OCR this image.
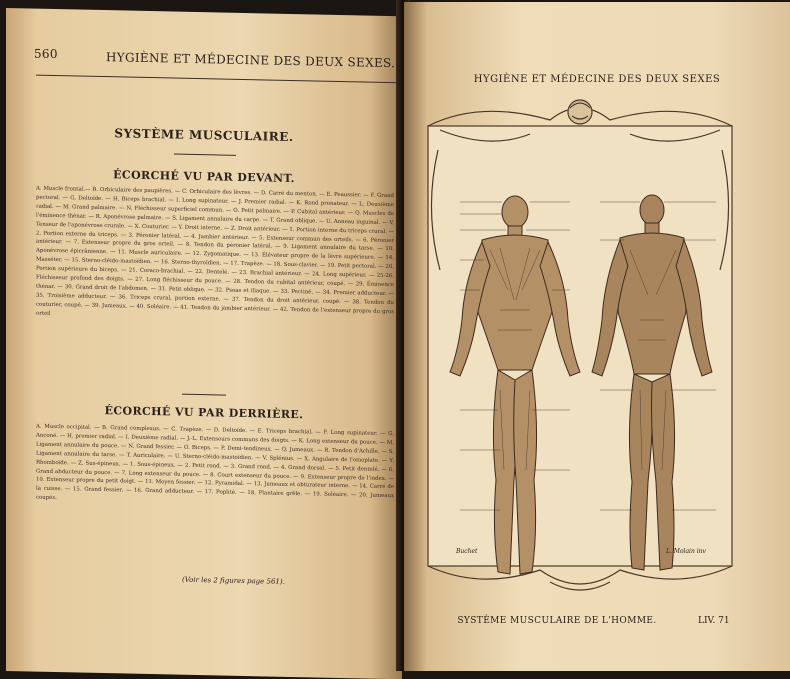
560	HYGIÈNE ET MÉDECINE DES DEUX SEXES.
SYSTÈME MUSCULAIRE.
ÉCORCHÉ VU PAR DEVANT.
A. Muscle frontal.— B. Orbiculaire des paupières. — C. Orbiculaire des lèvres. — D. Carré du menton. — E. Peaussier. — F. Grand pectoral. — G. Deltoïde. — H. Biceps brachial. — I. Long supinateur. — J. Premier radial. — K. Rond pronateur. — L. Deuxième radial. — M. Grand palmaire. — N. Fléchisseur superficiel commun. — O. Petit palmaire. — P. Cubital antérieur. — Q. Muscles de l'éminence thénar. — R. Aponévrose palmaire. — S. Ligament annulaire du carpe. — T. Grand oblique. — U. Anneau inguinal. — V. Tenseur de l'aponévrose crurale. — X. Couturier. — Y. Droit interne. — Z. Droit antérieur. — 1. Portion interne du triceps crural. — 2. Portion externe du triceps. — 3. Péronier latéral. — 4. Jambier antérieur. — 5. Extenseur commun des orteils. — 6. Péronier antérieur. — 7. Extenseur propre du gros orteil. — 8. Tendon du péronier latéral. — 9. Ligament annulaire du tarse. — 10. Aponévrose épicrânienne. — 11. Muscle auriculaire. — 12. Zygomatique. — 13. Élévateur propre de la lèvre supérieure. — 14. Masséter. — 15. Sterno-cléido-mastoïdien. — 16. Sterno-thyroïdien. — 17. Trapèze. — 18. Sous-clavier. — 19. Petit pectoral. — 20. Portion supérieure du biceps. — 21. Coraco-brachial. — 22. Dentelé. — 23. Brachial antérieur. — 24. Long supérieur. — 25-26. Fléchisseur profond des doigts. — 27. Long fléchisseur du pouce. — 28. Tendon du cubital antérieur, coupé. — 29. Éminence thénar. — 30. Grand droit de l'abdomen. — 31. Petit oblique. — 32. Psoas et iliaque. — 33. Pectiné. — 34. Premier adducteur. — 35. Troisième adducteur. — 36. Triceps crural, portion externe. — 37. Tendon du droit antérieur, coupé. — 38. Tendon du couturier, coupé. — 39. Jumeaux. — 40. Soléaire. — 41. Tendon du jambier antérieur. — 42. Tendon de l'extenseur propre du gros orteil
ÉCORCHÉ VU PAR DERRIÈRE.
A. Muscle occipital. — B. Grand complexus. — C. Trapèze. — D. Deltoïde. — E. Triceps brachial. — F. Long supinateur. — G. Anconé. — H. premier radial. — I. Deuxième radial. — J.-L. Extenseurs communs des doigts. — K. Long extenseur du pouce. — M. Ligament annulaire du pouce. — N. Grand fessier. — O. Biceps. — P. Demi-tendineux. — Q. Jumeaux. — R. Tendon d'Achille. — S. Ligament annulaire du tarse. — T. Auriculaire. — U. Sterno-cléido-mastoïdien. — V. Splénius. — X. Angulaire de l'omoplate. — Y. Rhomboïde. — Z. Sus-épineux. — 1. Sous-épineux. — 2. Petit rond. — 3. Grand rond. — 4. Grand dorsal. — 5. Petit dentelé. — 6. Grand abducteur du pouce. — 7. Long extenseur du pouce. — 8. Court extenseur du pouce. — 9. Extenseur propre de l'index. — 10. Extenseur propre du petit doigt. — 11. Moyen fessier. — 12. Pyramidal. — 13. Jumeaux et obturateur interne. — 14. Carré de la cuisse. — 15. Grand fessier. — 16. Grand adducteur. — 17. Poplité. — 18. Plantaire grêle. — 19. Soléaire. — 20. Jumeaux coupés.
(Voir les 2 figures page 561).
HYGIÈNE ET MÉDECINE DES DEUX SEXES
Buchet	L. Molain inv
SYSTÈME MUSCULAIRE DE L'HOMME.	LIV. 71
